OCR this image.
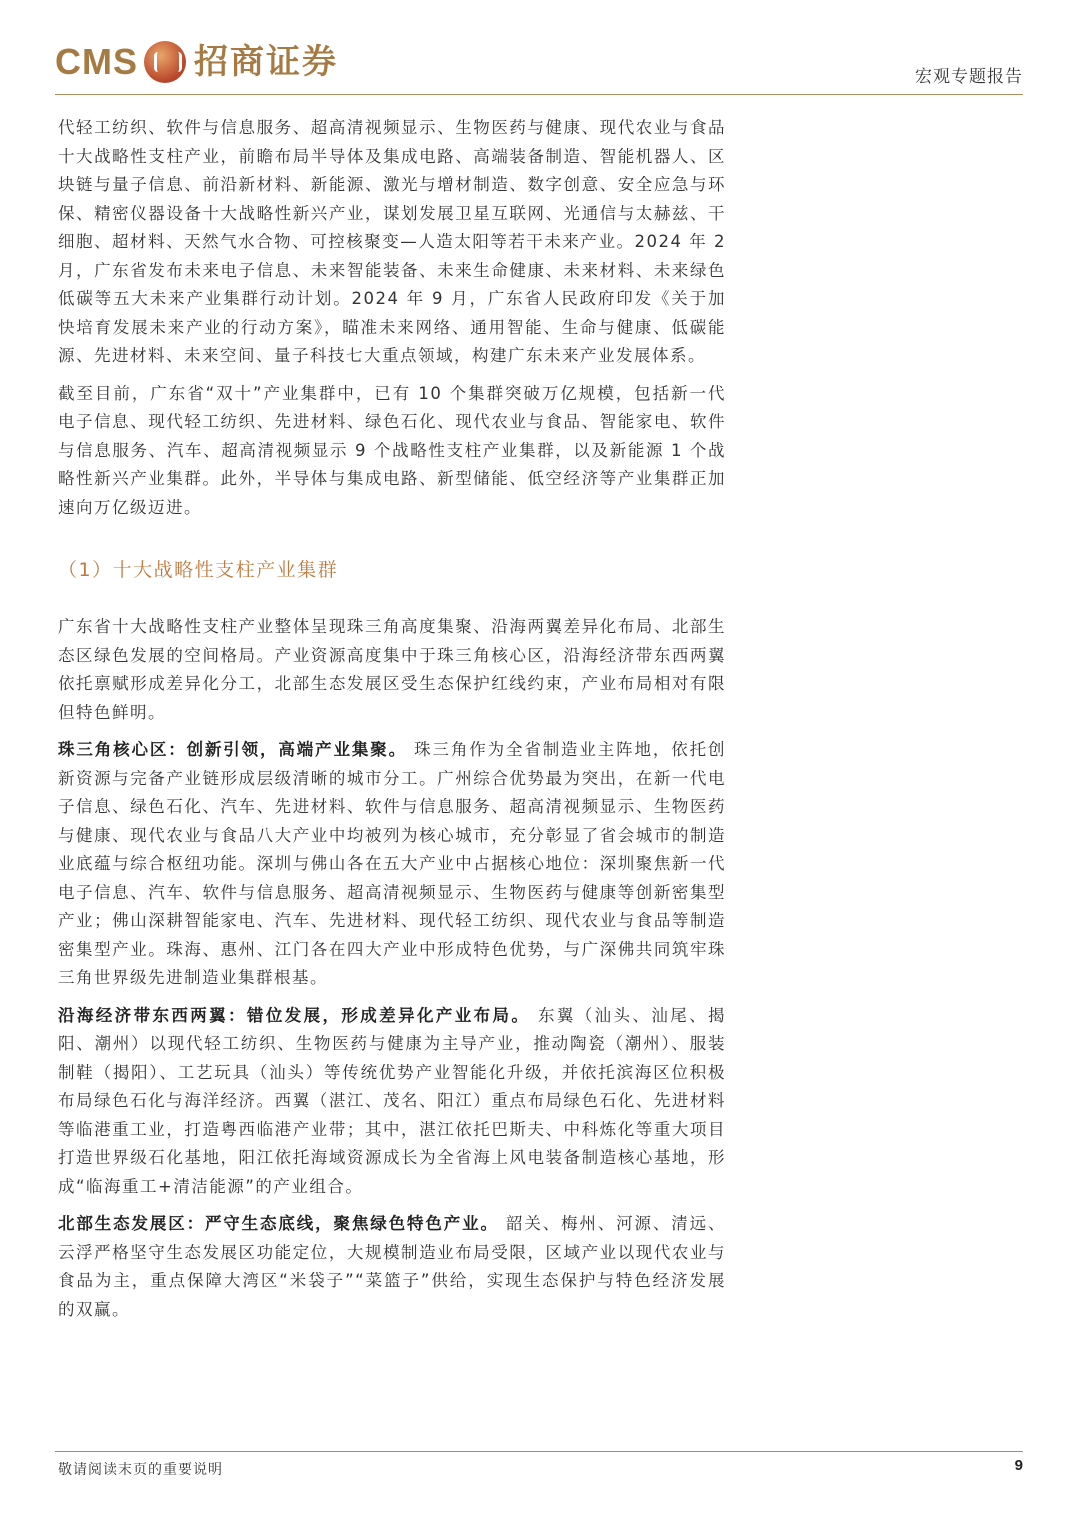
CMS 招商证券	宏观专题报告

代轻工纺织、软件与信息服务、超高清视频显示、生物医药与健康、现代农业与食品十大战略性支柱产业，前瞻布局半导体及集成电路、高端装备制造、智能机器人、区块链与量子信息、前沿新材料、新能源、激光与增材制造、数字创意、安全应急与环保、精密仪器设备十大战略性新兴产业，谋划发展卫星互联网、光通信与太赫兹、干细胞、超材料、天然气水合物、可控核聚变—人造太阳等若干未来产业。2024 年 2 月，广东省发布未来电子信息、未来智能装备、未来生命健康、未来材料、未来绿色低碳等五大未来产业集群行动计划。2024 年 9 月，广东省人民政府印发《关于加快培育发展未来产业的行动方案》，瞄准未来网络、通用智能、生命与健康、低碳能源、先进材料、未来空间、量子科技七大重点领域，构建广东未来产业发展体系。

截至目前，广东省“双十”产业集群中，已有 10 个集群突破万亿规模，包括新一代电子信息、现代轻工纺织、先进材料、绿色石化、现代农业与食品、智能家电、软件与信息服务、汽车、超高清视频显示 9 个战略性支柱产业集群，以及新能源 1 个战略性新兴产业集群。此外，半导体与集成电路、新型储能、低空经济等产业集群正加速向万亿级迈进。

（1）十大战略性支柱产业集群

广东省十大战略性支柱产业整体呈现珠三角高度集聚、沿海两翼差异化布局、北部生态区绿色发展的空间格局。产业资源高度集中于珠三角核心区，沿海经济带东西两翼依托禀赋形成差异化分工，北部生态发展区受生态保护红线约束，产业布局相对有限但特色鲜明。

珠三角核心区：创新引领，高端产业集聚。 珠三角作为全省制造业主阵地，依托创新资源与完备产业链形成层级清晰的城市分工。广州综合优势最为突出，在新一代电子信息、绿色石化、汽车、先进材料、软件与信息服务、超高清视频显示、生物医药与健康、现代农业与食品八大产业中均被列为核心城市，充分彰显了省会城市的制造业底蕴与综合枢纽功能。深圳与佛山各在五大产业中占据核心地位：深圳聚焦新一代电子信息、汽车、软件与信息服务、超高清视频显示、生物医药与健康等创新密集型产业；佛山深耕智能家电、汽车、先进材料、现代轻工纺织、现代农业与食品等制造密集型产业。珠海、惠州、江门各在四大产业中形成特色优势，与广深佛共同筑牢珠三角世界级先进制造业集群根基。

沿海经济带东西两翼：错位发展，形成差异化产业布局。 东翼（汕头、汕尾、揭阳、潮州）以现代轻工纺织、生物医药与健康为主导产业，推动陶瓷（潮州）、服装制鞋（揭阳）、工艺玩具（汕头）等传统优势产业智能化升级，并依托滨海区位积极布局绿色石化与海洋经济。西翼（湛江、茂名、阳江）重点布局绿色石化、先进材料等临港重工业，打造粤西临港产业带；其中，湛江依托巴斯夫、中科炼化等重大项目打造世界级石化基地，阳江依托海域资源成长为全省海上风电装备制造核心基地，形成“临海重工+清洁能源”的产业组合。

北部生态发展区：严守生态底线，聚焦绿色特色产业。 韶关、梅州、河源、清远、云浮严格坚守生态发展区功能定位，大规模制造业布局受限，区域产业以现代农业与食品为主，重点保障大湾区“米袋子”“菜篮子”供给，实现生态保护与特色经济发展的双赢。

敬请阅读末页的重要说明	9
